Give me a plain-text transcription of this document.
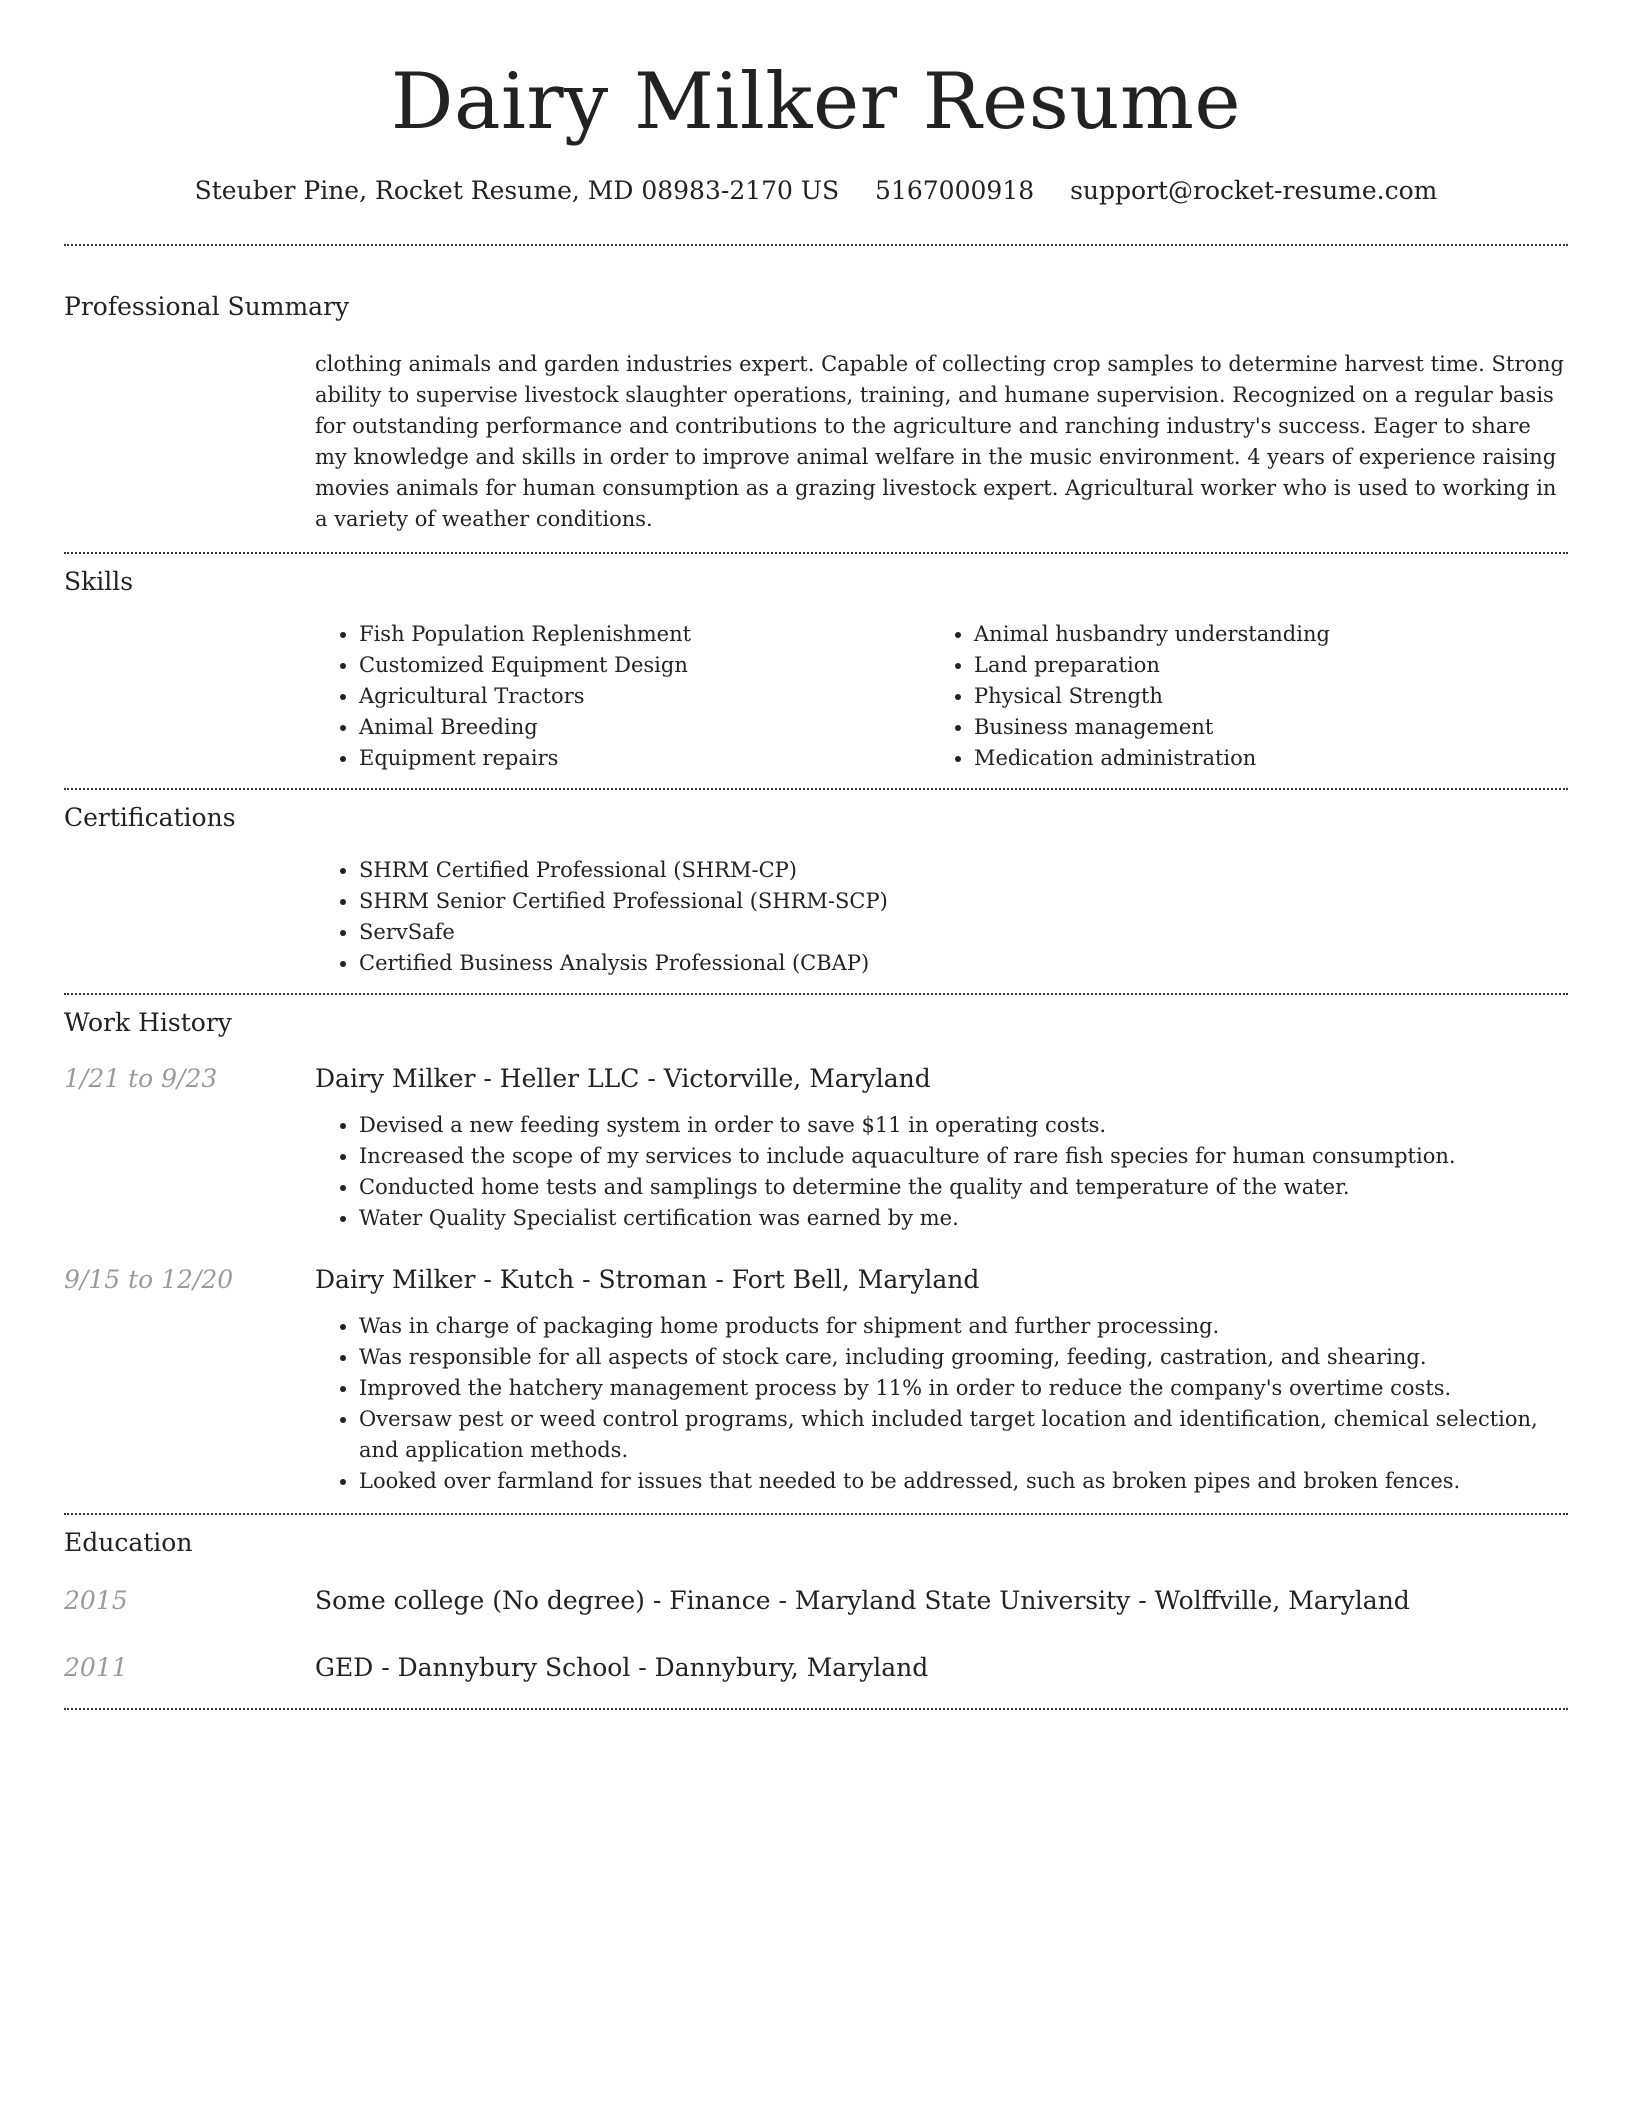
Dairy Milker Resume
Steuber Pine, Rocket Resume, MD 08983-2170 US 5167000918 support@rocket-resume.com
Professional Summary

clothing animals and garden industries expert. Capable of collecting crop samples to determine harvest time. Strong ability to supervise livestock slaughter operations, training, and humane supervision. Recognized on a regular basis for outstanding performance and contributions to the agriculture and ranching industry's success. Eager to share my knowledge and skills in order to improve animal welfare in the music environment. 4 years of experience raising movies animals for human consumption as a grazing livestock expert. Agricultural worker who is used to working in a variety of weather conditions.

Skills
• Fish Population Replenishment
• Customized Equipment Design
• Agricultural Tractors
• Animal Breeding
• Equipment repairs
• Animal husbandry understanding
• Land preparation
• Physical Strength
• Business management
• Medication administration
Certifications
• SHRM Certified Professional (SHRM-CP)
• SHRM Senior Certified Professional (SHRM-SCP)
• ServSafe
• Certified Business Analysis Professional (CBAP)
Work History
1/21 to 9/23	Dairy Milker - Heller LLC - Victorville, Maryland
• Devised a new feeding system in order to save $11 in operating costs.
• Increased the scope of my services to include aquaculture of rare fish species for human consumption.
• Conducted home tests and samplings to determine the quality and temperature of the water.
• Water Quality Specialist certification was earned by me.
9/15 to 12/20	Dairy Milker - Kutch - Stroman - Fort Bell, Maryland
• Was in charge of packaging home products for shipment and further processing.
• Was responsible for all aspects of stock care, including grooming, feeding, castration, and shearing.
• Improved the hatchery management process by 11% in order to reduce the company's overtime costs.
• Oversaw pest or weed control programs, which included target location and identification, chemical selection, and application methods.
• Looked over farmland for issues that needed to be addressed, such as broken pipes and broken fences.
Education
2015	Some college (No degree) - Finance - Maryland State University - Wolffville, Maryland
2011	GED - Dannybury School - Dannybury, Maryland
